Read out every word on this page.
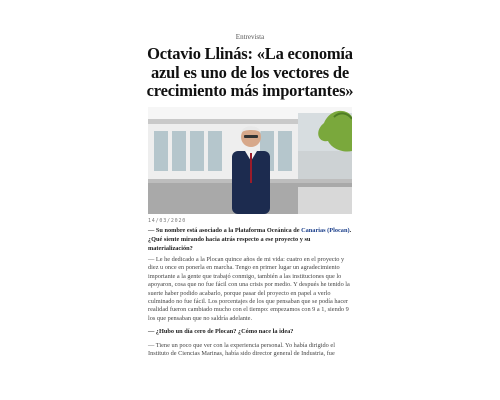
Entrevista
Octavio Llinás: «La economía azul es uno de los vectores de crecimiento más importantes»
14/03/2020

— Su nombre está asociado a la Plataforma Oceánica de Canarias (Plocan). ¿Qué siente mirando hacia atrás respecto a ese proyecto y su materialización?

— Le he dedicado a la Plocan quince años de mi vida: cuatro en el proyecto y diez u once en ponerla en marcha. Tengo en primer lugar un agradecimiento importante a la gente que trabajó conmigo, también a las instituciones que lo apoyaron, cosa que no fue fácil con una crisis por medio. Y después he tenido la suerte haber podido acabarlo, porque pasar del proyecto en papel a verlo culminado no fue fácil. Los porcentajes de los que pensaban que se podía hacer realidad fueron cambiado mucho con el tiempo: empezamos con 9 a 1, siendo 9 los que pensaban que no saldría adelante.

— ¿Hubo un día cero de Plocan? ¿Cómo nace la idea?

— Tiene un poco que ver con la experiencia personal. Yo había dirigido el Instituto de Ciencias Marinas, había sido director general de Industria, fue
